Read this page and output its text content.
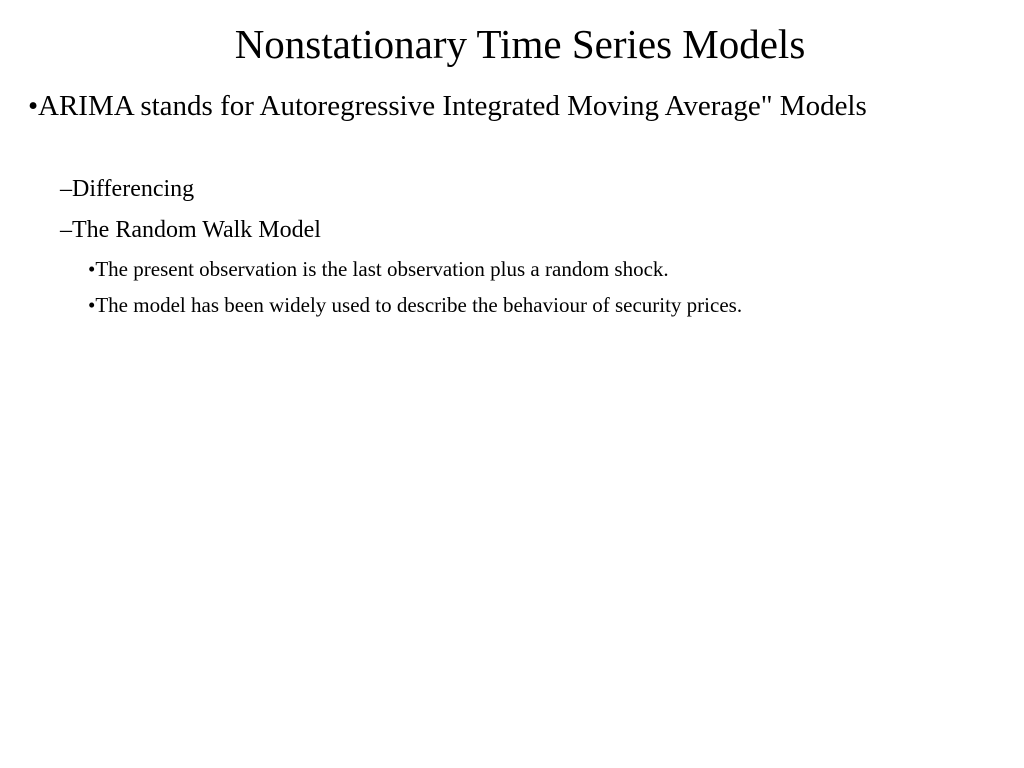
Nonstationary Time Series Models
• ARIMA stands for Autoregressive Integrated Moving Average" Models
–Differencing
–The Random Walk Model
•The present observation is the last observation plus a random shock.
•The model has been widely used to describe the behaviour of security prices.
